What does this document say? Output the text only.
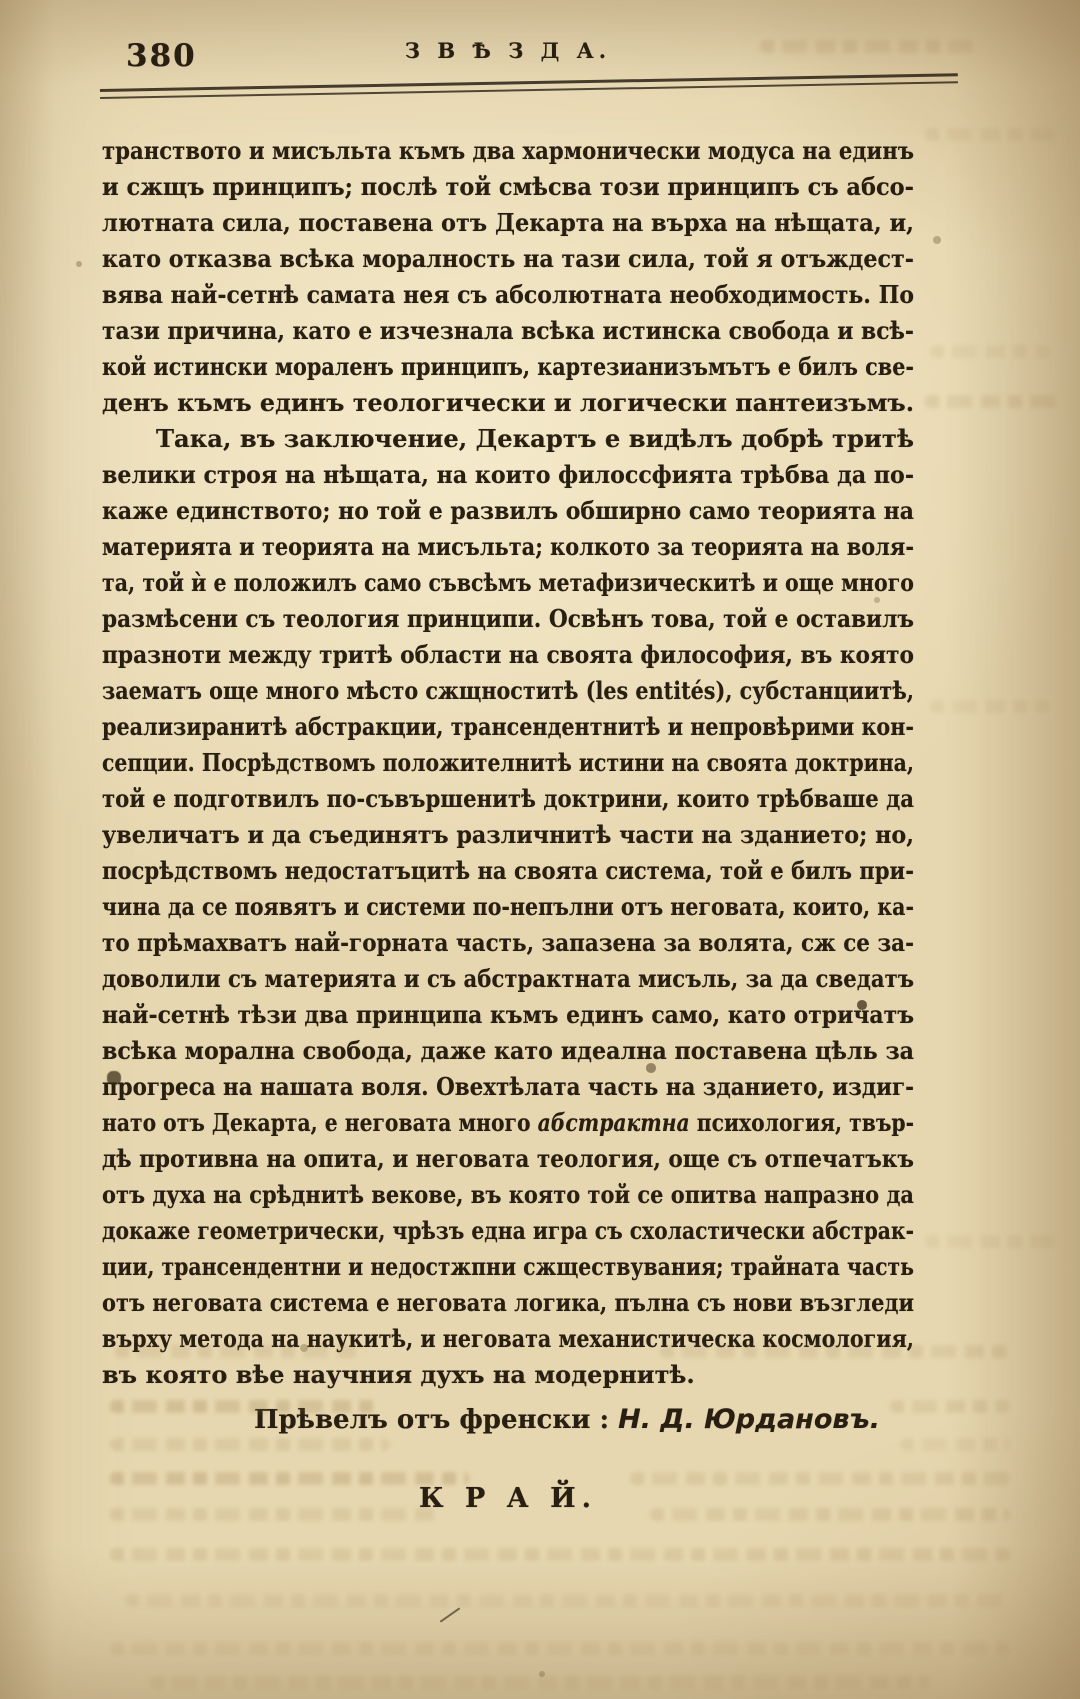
380	З В Ѣ З Д А.
транството и мисъльта къмъ два хармонически модуса на единъ
и сжщъ принципъ; послѣ той смѣсва този принципъ съ абсо-
лютната сила, поставена отъ Декарта на върха на нѣщата, и,
като отказва всѣка моралность на тази сила, той я отъждест-
вява най-сетнѣ самата нея съ абсолютната необходимость. По
тази причина, като е изчезнала всѣка истинска свобода и всѣ-
кой истински мораленъ принципъ, картезианизъмътъ е билъ све-
денъ къмъ единъ теологически и логически пантеизъмъ.
Така, въ заключение, Декартъ е видѣлъ добрѣ тритѣ
велики строя на нѣщата, на които филоссфията трѣбва да по-
каже единството; но той е развилъ обширно само теорията на
материята и теорията на мисъльта; колкото за теорията на воля-
та, той ѝ е положилъ само съвсѣмъ метафизическитѣ и още много
размѣсени съ теология принципи. Освѣнъ това, той е оставилъ
празноти между тритѣ области на своята философия, въ която
заематъ още много мѣсто сжщноститѣ (les entités), субстанциитѣ,
реализиранитѣ абстракции, трансендентнитѣ и непровѣрими кон-
сепции. Посрѣдствомъ положителнитѣ истини на своята доктрина,
той е подготвилъ по-съвършенитѣ доктрини, които трѣбваше да
увеличатъ и да съединятъ различнитѣ части на зданието; но,
посрѣдствомъ недостатъцитѣ на своята система, той е билъ при-
чина да се появятъ и системи по-непълни отъ неговата, които, ка-
то прѣмахватъ най-горната часть, запазена за волята, сж се за-
доволили съ материята и съ абстрактната мисъль, за да сведатъ
най-сетнѣ тѣзи два принципа къмъ единъ само, като отричатъ
всѣка морална свобода, даже като идеална поставена цѣль за
прогреса на нашата воля. Овехтѣлата часть на зданието, издиг-
нато отъ Декарта, е неговата много абстрактна психология, твър-
дѣ противна на опита, и неговата теология, още съ отпечатъкъ
отъ духа на срѣднитѣ векове, въ която той се опитва напразно да
докаже геометрически, чрѣзъ една игра съ схоластически абстрак-
ции, трансендентни и недостжпни сжществувания; трайната часть
отъ неговата система е неговата логика, пълна съ нови възгледи
върху метода на наукитѣ, и неговата механистическа космология,
въ която вѣе научния духъ на модернитѣ.
Прѣвелъ отъ френски : Н. Д. Юрдановъ.
К Р А Й.
